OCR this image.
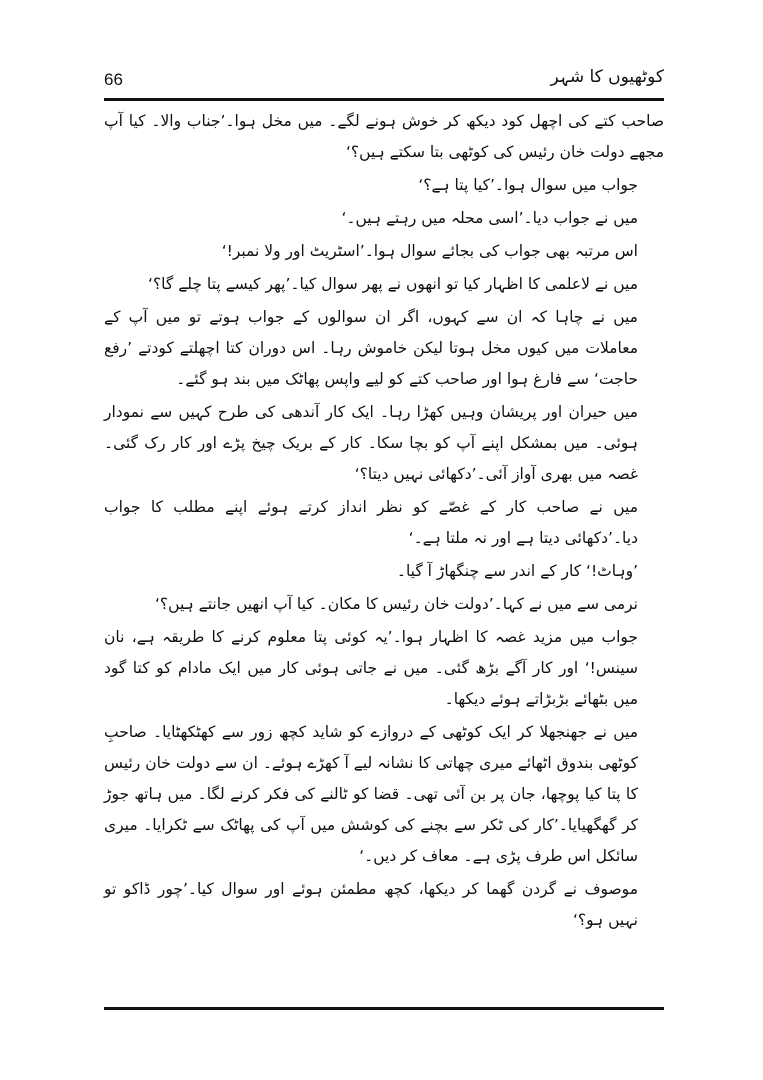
66	کوٹھیوں کا شہر

صاحب کتے کی اچھل کود دیکھ کر خوش ہونے لگے۔ میں مخل ہوا۔’جناب والا۔ کیا آپ مجھے دولت خان رئیس کی کوٹھی بتا سکتے ہیں؟‘

جواب میں سوال ہوا۔’کیا پتا ہے؟‘

میں نے جواب دیا۔’اسی محلہ میں رہتے ہیں۔‘

اس مرتبہ بھی جواب کی بجائے سوال ہوا۔’اسٹریٹ اور ولا نمبر!‘

میں نے لاعلمی کا اظہار کیا تو انھوں نے پھر سوال کیا۔’پھر کیسے پتا چلے گا؟‘

میں نے چاہا کہ ان سے کہوں، اگر ان سوالوں کے جواب ہوتے تو میں آپ کے معاملات میں کیوں مخل ہوتا لیکن خاموش رہا۔ اس دوران کتا اچھلتے کودتے ’رفع حاجت‘ سے فارغ ہوا اور صاحب کتے کو لیے واپس پھاٹک میں بند ہو گئے۔

میں حیران اور پریشان وہیں کھڑا رہا۔ ایک کار آندھی کی طرح کہیں سے نمودار ہوئی۔ میں بمشکل اپنے آپ کو بچا سکا۔ کار کے بریک چیخ پڑے اور کار رک گئی۔ غصہ میں بھری آواز آئی۔’دکھائی نہیں دیتا؟‘

میں نے صاحب کار کے غصّے کو نظر انداز کرتے ہوئے اپنے مطلب کا جواب دیا۔’دکھائی دیتا ہے اور نہ ملتا ہے۔‘

’وہاٹ!‘ کار کے اندر سے چنگھاڑ آ گیا۔

نرمی سے میں نے کہا۔’دولت خان رئیس کا مکان۔ کیا آپ انھیں جانتے ہیں؟‘

جواب میں مزید غصہ کا اظہار ہوا۔’یہ کوئی پتا معلوم کرنے کا طریقہ ہے، نان سینس!‘ اور کار آگے بڑھ گئی۔ میں نے جاتی ہوئی کار میں ایک مادام کو کتا گود میں بٹھائے بڑبڑاتے ہوئے دیکھا۔

میں نے جھنجھلا کر ایک کوٹھی کے دروازے کو شاید کچھ زور سے کھٹکھٹایا۔ صاحبِ کوٹھی بندوق اٹھائے میری چھاتی کا نشانہ لیے آ کھڑے ہوئے۔ ان سے دولت خان رئیس کا پتا کیا پوچھا، جان پر بن آئی تھی۔ قضا کو ٹالنے کی فکر کرنے لگا۔ میں ہاتھ جوڑ کر گھگھیایا۔’کار کی ٹکر سے بچنے کی کوشش میں آپ کی پھاٹک سے ٹکرایا۔ میری سائکل اس طرف پڑی ہے۔ معاف کر دیں۔‘

موصوف نے گردن گھما کر دیکھا، کچھ مطمئن ہوئے اور سوال کیا۔’چور ڈاکو تو نہیں ہو؟‘
